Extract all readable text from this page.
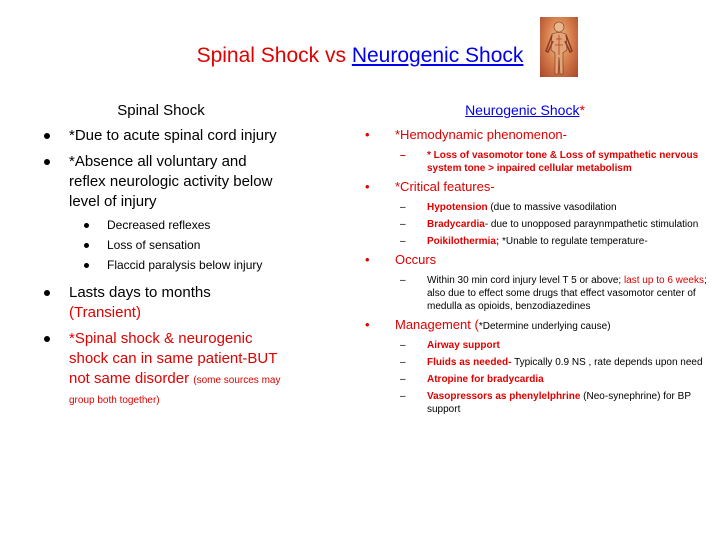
Spinal Shock vs Neurogenic Shock
Spinal Shock
*Due to acute spinal cord injury
*Absence all voluntary and reflex neurologic activity below level of injury
Decreased reflexes
Loss of sensation
Flaccid paralysis below injury
Lasts days to months (Transient)
*Spinal shock & neurogenic shock can in same patient-BUT not same disorder (some sources may group both together)
Neurogenic Shock*
• *Hemodynamic phenomenon-
– * Loss of vasomotor tone & Loss of sympathetic nervous system tone > inpaired cellular metabolism
• *Critical features-
– Hypotension (due to massive vasodilation
– Bradycardia- due to unopposed paraynmpathetic stimulation
– Poikilothermia; *Unable to regulate temperature-
• Occurs
– Within 30 min cord injury level T 5 or above; last up to 6 weeks; also due to effect some drugs that effect vasomotor center of medulla as opioids, benzodiazedines
• Management (*Determine underlying cause)
– Airway support
– Fluids as needed- Typically 0.9 NS , rate depends upon need
– Atropine for bradycardia
– Vasopressors as phenylelphrine (Neo-synephrine) for BP support
